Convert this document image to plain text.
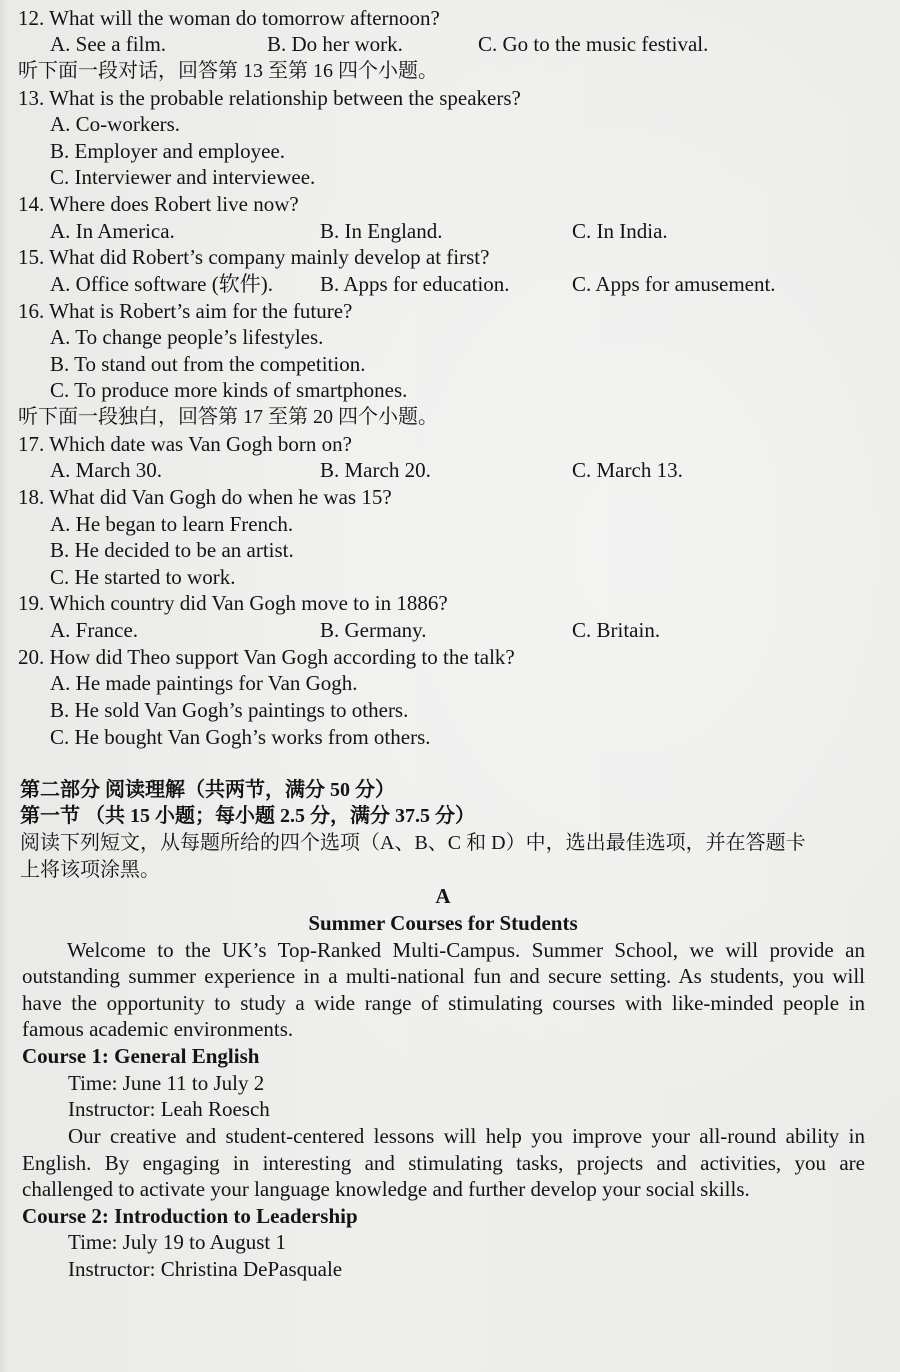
12. What will the woman do tomorrow afternoon?
A. See a film.	B. Do her work.	C. Go to the music festival.
听下面一段对话，回答第 13 至第 16 四个小题。
13. What is the probable relationship between the speakers?
A. Co-workers.
B. Employer and employee.
C. Interviewer and interviewee.
14. Where does Robert live now?
A. In America.	B. In England.	C. In India.
15. What did Robert’s company mainly develop at first?
A. Office software (软件). B. Apps for education.	C. Apps for amusement.
16. What is Robert’s aim for the future?
A. To change people’s lifestyles.
B. To stand out from the competition.
C. To produce more kinds of smartphones.
听下面一段独白，回答第 17 至第 20 四个小题。
17. Which date was Van Gogh born on?
A. March 30.	B. March 20.	C. March 13.
18. What did Van Gogh do when he was 15?
A. He began to learn French.
B. He decided to be an artist.
C. He started to work.
19. Which country did Van Gogh move to in 1886?
A. France.	B. Germany.	C. Britain.
20. How did Theo support Van Gogh according to the talk?
A. He made paintings for Van Gogh.
B. He sold Van Gogh’s paintings to others.
C. He bought Van Gogh’s works from others.
第二部分 阅读理解（共两节，满分 50 分）
第一节 （共 15 小题；每小题 2.5 分，满分 37.5 分）
阅读下列短文，从每题所给的四个选项（A、B、C 和 D）中，选出最佳选项，并在答题卡
上将该项涂黑。
A
Summer Courses for Students
Welcome to the UK’s Top-Ranked Multi-Campus. Summer School, we will provide an
outstanding summer experience in a multi-national fun and secure setting. As students, you will
have the opportunity to study a wide range of stimulating courses with like-minded people in
famous academic environments.
Course 1: General English
Time: June 11 to July 2
Instructor: Leah Roesch
Our creative and student-centered lessons will help you improve your all-round ability in
English. By engaging in interesting and stimulating tasks, projects and activities, you are
challenged to activate your language knowledge and further develop your social skills.
Course 2: Introduction to Leadership
Time: July 19 to August 1
Instructor: Christina DePasquale
